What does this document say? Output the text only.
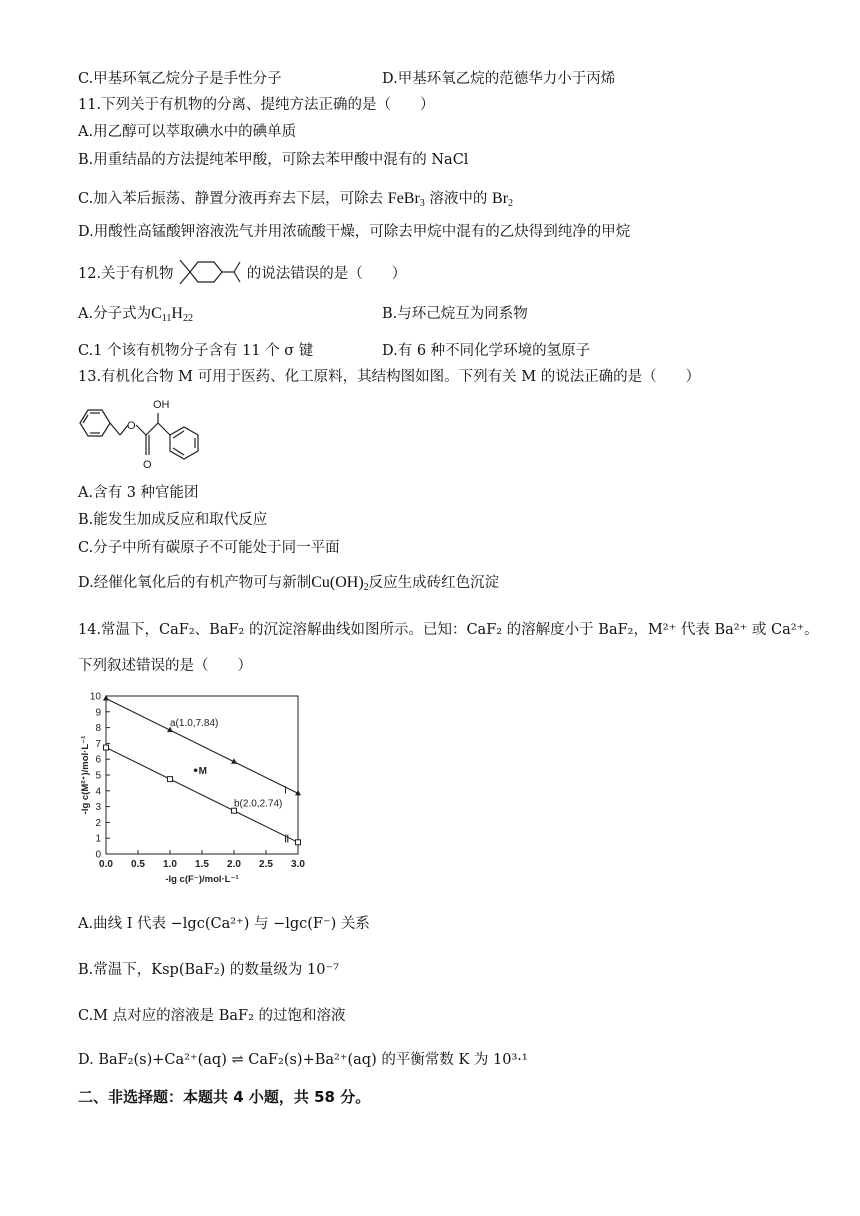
C.甲基环氧乙烷分子是手性分子	D.甲基环氧乙烷的范德华力小于丙烯
11.下列关于有机物的分离、提纯方法正确的是（　　）
A.用乙醇可以萃取碘水中的碘单质
B.用重结晶的方法提纯苯甲酸，可除去苯甲酸中混有的 NaCl
C.加入苯后振荡、静置分液再弃去下层，可除去 FeBr$_3$ 溶液中的 $Br_2$
D.用酸性高锰酸钾溶液洗气并用浓硫酸干燥，可除去甲烷中混有的乙炔得到纯净的甲烷
12.关于有机物	的说法错误的是（　　）
A.分子式为$C_{11}H_{22}$	B.与环己烷互为同系物
C.1 个该有机物分子含有 11 个 σ 键	D.有 6 种不同化学环境的氢原子
13.有机化合物 M 可用于医药、化工原料，其结构图如图。下列有关 M 的说法正确的是（　　）
O
OH
O
A.含有 3 种官能团
B.能发生加成反应和取代反应
C.分子中所有碳原子不可能处于同一平面
D.经催化氧化后的有机产物可与新制$Cu(OH)_2$反应生成砖红色沉淀
14.常温下，CaF₂、BaF₂ 的沉淀溶解曲线如图所示。已知：CaF₂ 的溶解度小于 BaF₂，M²⁺ 代表 Ba²⁺ 或 Ca²⁺。
下列叙述错误的是（　　）
0
1
2
3
4
5
6
7
8
9
10
0.0 0.5 1.0 1.5 2.0 2.5 3.0
-lg c(F⁻)/mol·L⁻¹
-lg c(M²⁺)/mol·L⁻¹	I
Ⅱ
a(1.0,7.84)
b(2.0,2.74)
M
A.曲线 I 代表 −lgc(Ca²⁺) 与 −lgc(F⁻) 关系
B.常温下，Ksp(BaF₂) 的数量级为 10⁻⁷
C.M 点对应的溶液是 BaF₂ 的过饱和溶液
D. BaF₂(s)+Ca²⁺(aq) ⇌ CaF₂(s)+Ba²⁺(aq) 的平衡常数 K 为 10³·¹
二、非选择题：本题共 4 小题，共 58 分。
